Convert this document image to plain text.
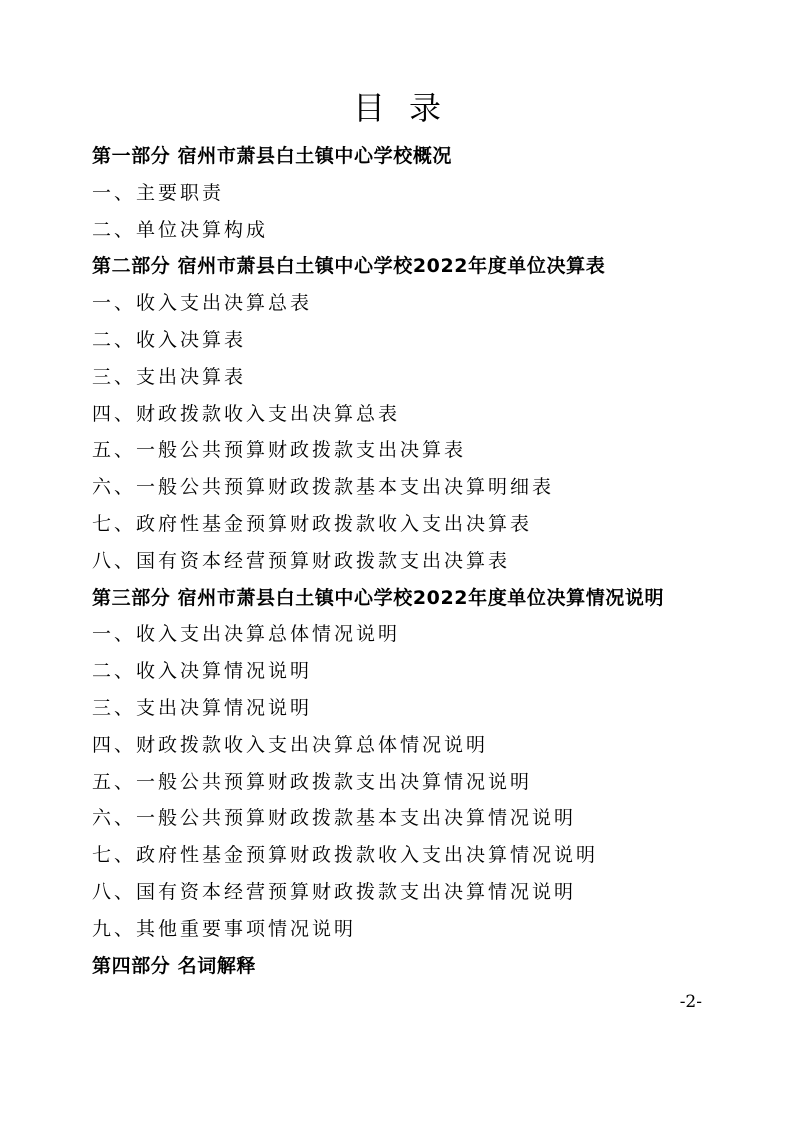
目录
第一部分 宿州市萧县白土镇中心学校概况
一、主要职责
二、单位决算构成
第二部分 宿州市萧县白土镇中心学校2022年度单位决算表
一、收入支出决算总表
二、收入决算表
三、支出决算表
四、财政拨款收入支出决算总表
五、一般公共预算财政拨款支出决算表
六、一般公共预算财政拨款基本支出决算明细表
七、政府性基金预算财政拨款收入支出决算表
八、国有资本经营预算财政拨款支出决算表
第三部分 宿州市萧县白土镇中心学校2022年度单位决算情况说明
一、收入支出决算总体情况说明
二、收入决算情况说明
三、支出决算情况说明
四、财政拨款收入支出决算总体情况说明
五、一般公共预算财政拨款支出决算情况说明
六、一般公共预算财政拨款基本支出决算情况说明
七、政府性基金预算财政拨款收入支出决算情况说明
八、国有资本经营预算财政拨款支出决算情况说明
九、其他重要事项情况说明
第四部分 名词解释
-2-
